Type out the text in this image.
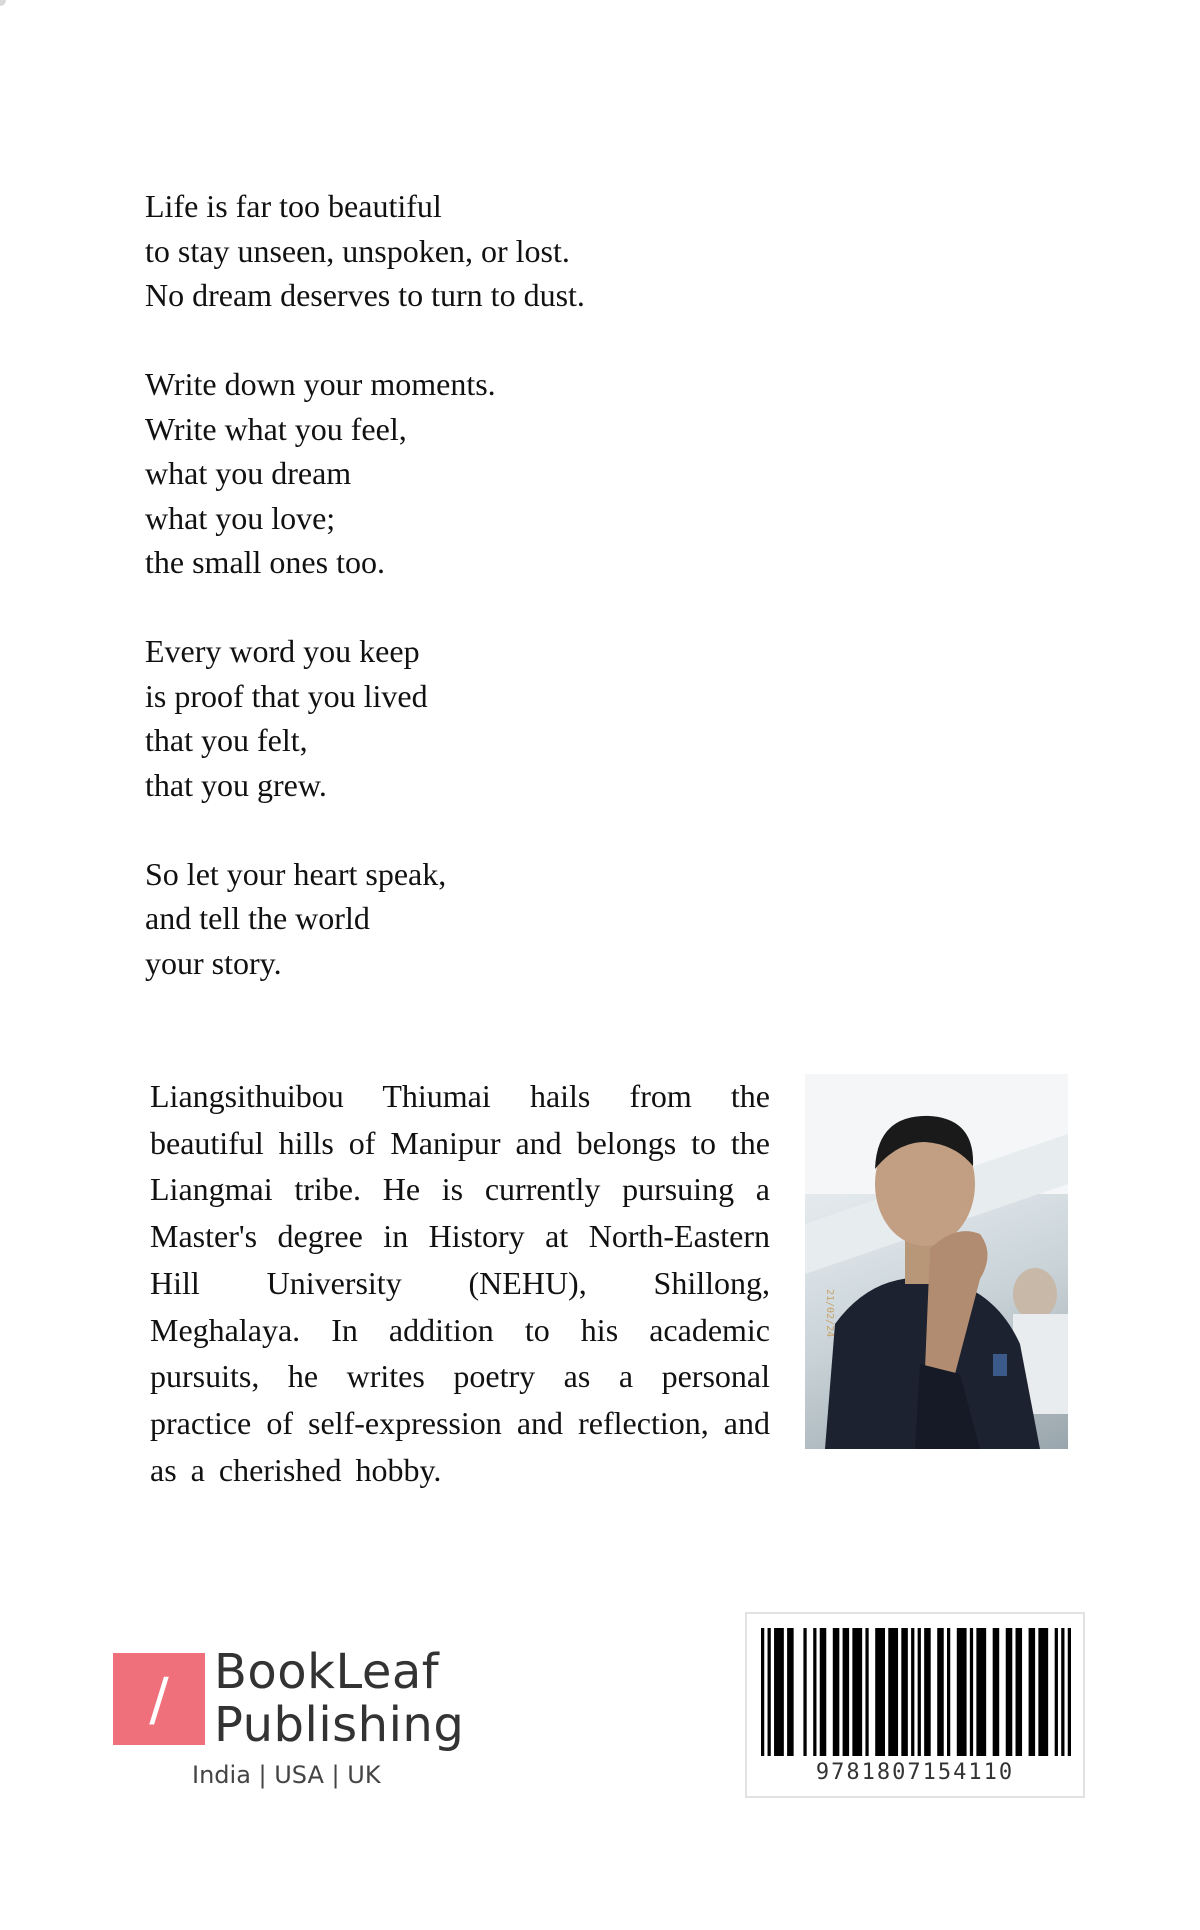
Life is far too beautiful
to stay unseen, unspoken, or lost.
No dream deserves to turn to dust.
Write down your moments.
Write what you feel,
what you dream
what you love;
the small ones too.
Every word you keep
is proof that you lived
that you felt,
that you grew.
So let your heart speak,
and tell the world
your story.
Liangsithuibou Thiumai hails from the beautiful hills of Manipur and belongs to the Liangmai tribe. He is currently pursuing a Master's degree in History at North-Eastern Hill University (NEHU), Shillong, Meghalaya. In addition to his academic pursuits, he writes poetry as a personal practice of self-expression and reflection, and as a cherished hobby.
21/02/24
/ BookLeaf
Publishing
India | USA | UK	9781807154110
